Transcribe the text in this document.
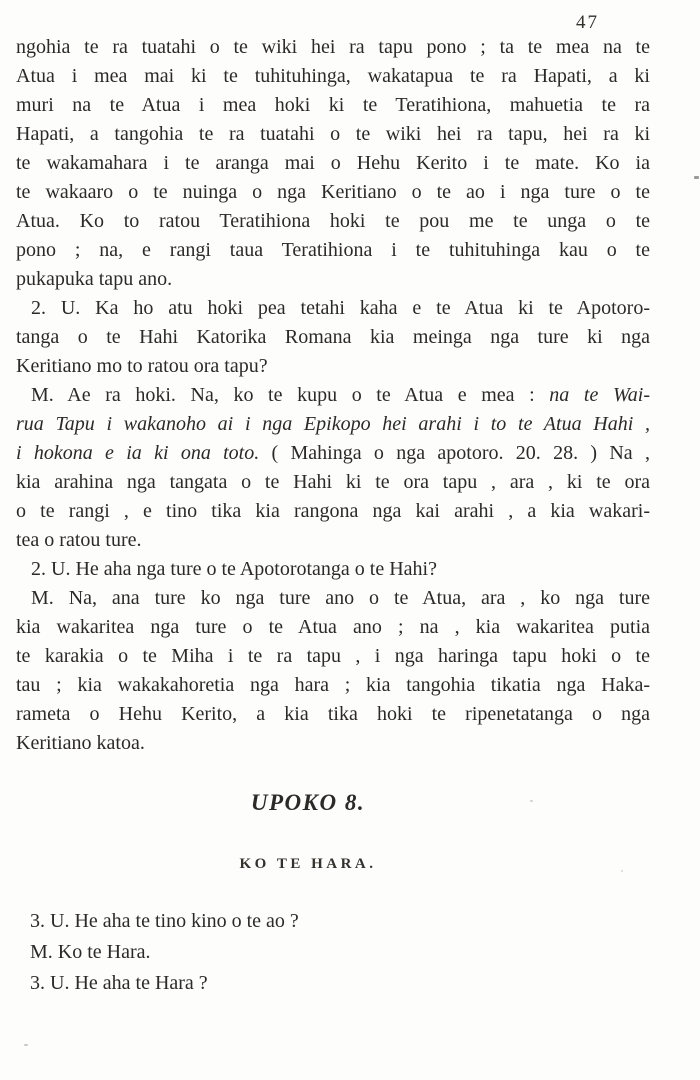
47
ngohia te ra tuatahi o te wiki hei ra tapu pono ; ta te mea na te
Atua i mea mai ki te tuhituhinga, wakatapua te ra Hapati, a ki
muri na te Atua i mea hoki ki te Teratihiona, mahuetia te ra
Hapati, a tangohia te ra tuatahi o te wiki hei ra tapu, hei ra ki
te wakamahara i te aranga mai o Hehu Kerito i te mate. Ko ia
te wakaaro o te nuinga o nga Keritiano o te ao i nga ture o te
Atua. Ko to ratou Teratihiona hoki te pou me te unga o te
pono ; na, e rangi taua Teratihiona i te tuhituhinga kau o te
pukapuka tapu ano.
2. U. Ka ho atu hoki pea tetahi kaha e te Atua ki te Apotoro-
tanga o te Hahi Katorika Romana kia meinga nga ture ki nga
Keritiano mo to ratou ora tapu?
M. Ae ra hoki. Na, ko te kupu o te Atua e mea : na te Wai-
rua Tapu i wakanoho ai i nga Epikopo hei arahi i to te Atua Hahi ,
i hokona e ia ki ona toto. ( Mahinga o nga apotoro. 20. 28. ) Na ,
kia arahina nga tangata o te Hahi ki te ora tapu , ara , ki te ora
o te rangi , e tino tika kia rangona nga kai arahi , a kia wakari-
tea o ratou ture.
2. U. He aha nga ture o te Apotorotanga o te Hahi?
M. Na, ana ture ko nga ture ano o te Atua, ara , ko nga ture
kia wakaritea nga ture o te Atua ano ; na , kia wakaritea putia
te karakia o te Miha i te ra tapu , i nga haringa tapu hoki o te
tau ; kia wakakahoretia nga hara ; kia tangohia tikatia nga Haka-
rameta o Hehu Kerito, a kia tika hoki te ripenetatanga o nga
Keritiano katoa.
UPOKO 8.
KO TE HARA.
3. U. He aha te tino kino o te ao ?
M. Ko te Hara.
3. U. He aha te Hara ?
